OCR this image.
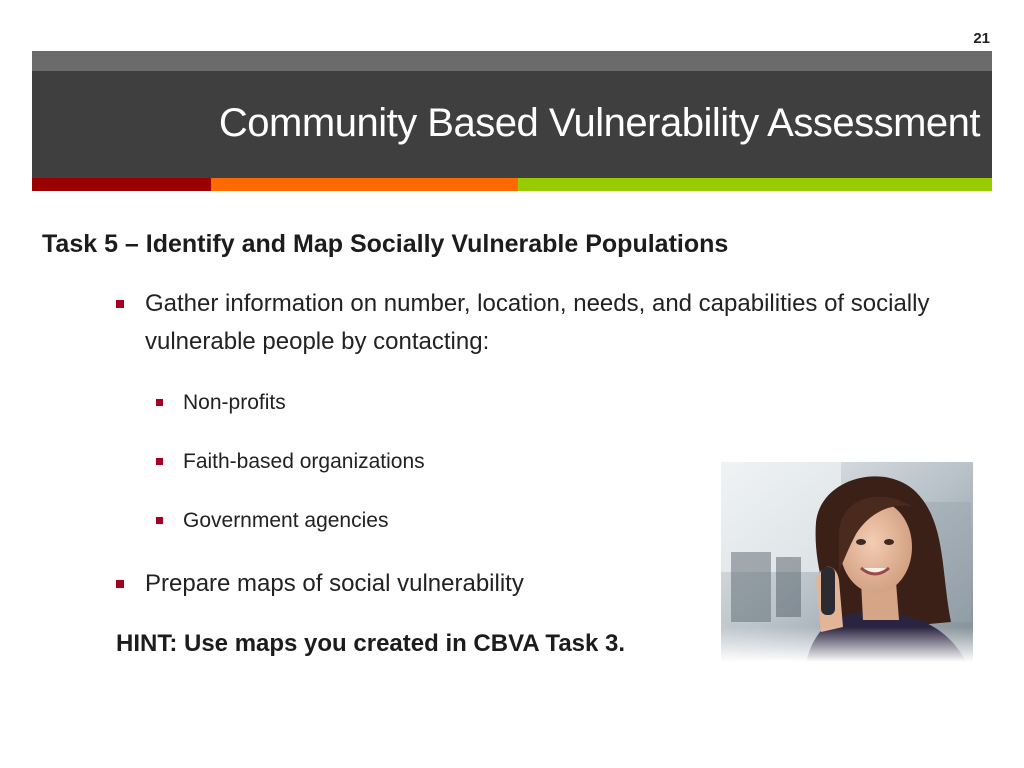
21
Community Based Vulnerability Assessment
Task 5 – Identify and Map Socially Vulnerable Populations
Gather information on number, location, needs, and capabilities of socially vulnerable people by contacting:
Non-profits
Faith-based organizations
Government agencies
Prepare maps of social vulnerability
HINT: Use maps you created in CBVA Task 3.
